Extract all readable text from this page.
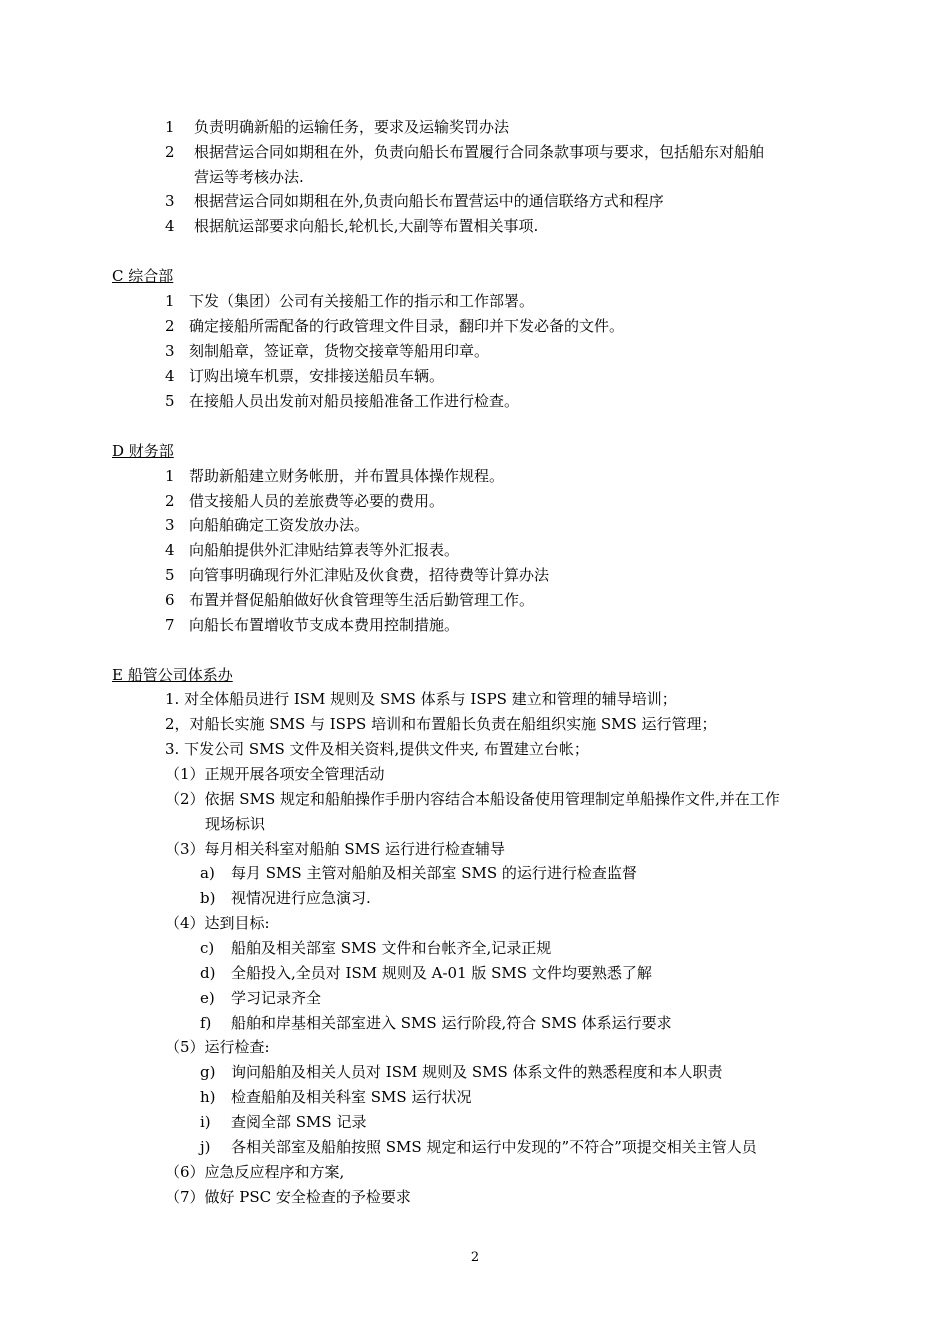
1 负责明确新船的运输任务，要求及运输奖罚办法
2 根据营运合同如期租在外，负责向船长布置履行合同条款事项与要求，包括船东对船舶
营运等考核办法.
3 根据营运合同如期租在外,负责向船长布置营运中的通信联络方式和程序
4 根据航运部要求向船长,轮机长,大副等布置相关事项.
C 综合部
1 下发（集团）公司有关接船工作的指示和工作部署。
2 确定接船所需配备的行政管理文件目录，翻印并下发必备的文件。
3 刻制船章，签证章，货物交接章等船用印章。
4 订购出境车机票，安排接送船员车辆。
5 在接船人员出发前对船员接船准备工作进行检查。
D 财务部
1 帮助新船建立财务帐册，并布置具体操作规程。
2 借支接船人员的差旅费等必要的费用。
3 向船舶确定工资发放办法。
4 向船舶提供外汇津贴结算表等外汇报表。
5 向管事明确现行外汇津贴及伙食费，招待费等计算办法
6 布置并督促船舶做好伙食管理等生活后勤管理工作。
7 向船长布置增收节支成本费用控制措施。
E 船管公司体系办
1. 对全体船员进行 ISM 规则及 SMS 体系与 ISPS 建立和管理的辅导培训；
2，对船长实施 SMS 与 ISPS 培训和布置船长负责在船组织实施 SMS 运行管理；
3. 下发公司 SMS 文件及相关资料,提供文件夹, 布置建立台帐；
（1）正规开展各项安全管理活动
（2）依据 SMS 规定和船舶操作手册内容结合本船设备使用管理制定单船操作文件,并在工作
现场标识
（3）每月相关科室对船舶 SMS 运行进行检查辅导
a) 每月 SMS 主管对船舶及相关部室 SMS 的运行进行检查监督
b) 视情况进行应急演习.
（4）达到目标:
c) 船舶及相关部室 SMS 文件和台帐齐全,记录正规
d) 全船投入,全员对 ISM 规则及 A-01 版 SMS 文件均要熟悉了解
e) 学习记录齐全
f) 船舶和岸基相关部室进入 SMS 运行阶段,符合 SMS 体系运行要求
（5）运行检查:
g) 询问船舶及相关人员对 ISM 规则及 SMS 体系文件的熟悉程度和本人职责
h) 检查船舶及相关科室 SMS 运行状况
i) 查阅全部 SMS 记录
j) 各相关部室及船舶按照 SMS 规定和运行中发现的”不符合”项提交相关主管人员
（6）应急反应程序和方案,
（7）做好 PSC 安全检查的予检要求
2
